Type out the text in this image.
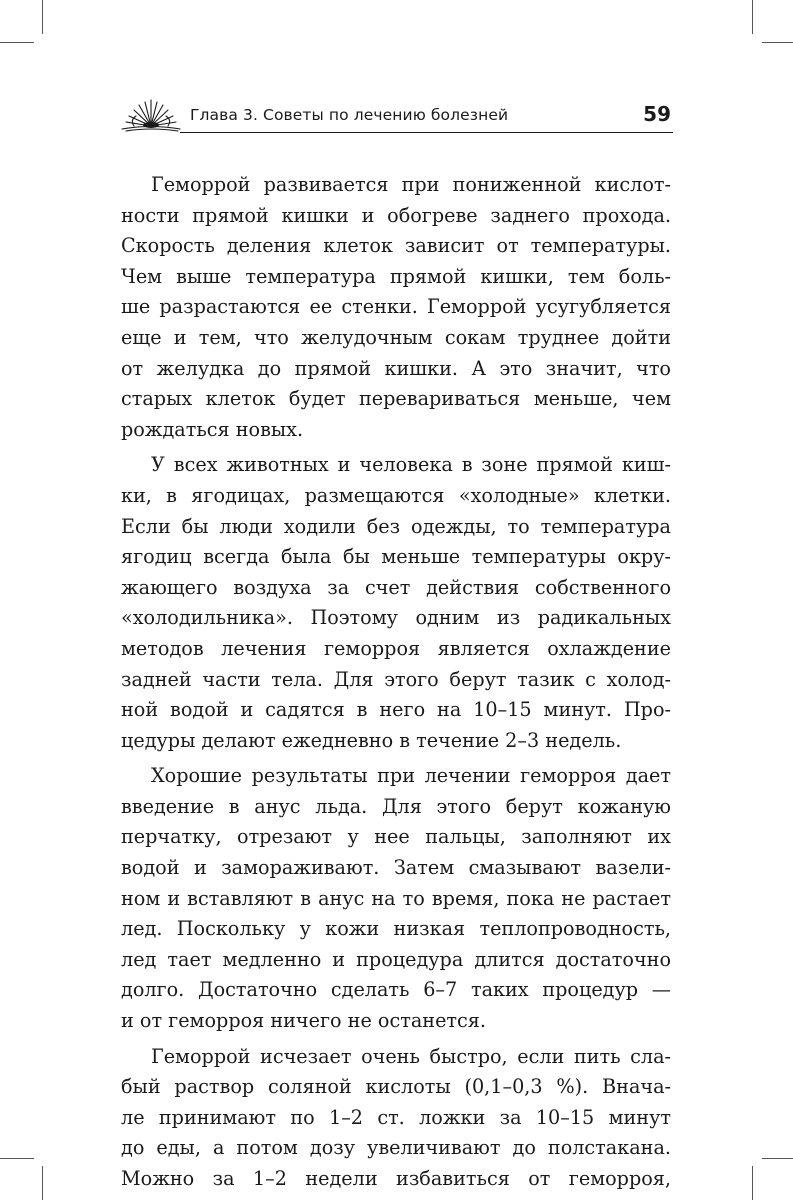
Глава 3. Советы по лечению болезней	59

Геморрой развивается при пониженной кислот-
ности прямой кишки и обогреве заднего прохода.
Скорость деления клеток зависит от температуры.
Чем выше температура прямой кишки, тем боль-
ше разрастаются ее стенки. Геморрой усугубляется
еще и тем, что желудочным сокам труднее дойти
от желудка до прямой кишки. А это значит, что
старых клеток будет перевариваться меньше, чем
рождаться новых.

У всех животных и человека в зоне прямой киш-
ки, в ягодицах, размещаются «холодные» клетки.
Если бы люди ходили без одежды, то температура
ягодиц всегда была бы меньше температуры окру-
жающего воздуха за счет действия собственного
«холодильника». Поэтому одним из радикальных
методов лечения геморроя является охлаждение
задней части тела. Для этого берут тазик с холод-
ной водой и садятся в него на 10–15 минут. Про-
цедуры делают ежедневно в течение 2–3 недель.

Хорошие результаты при лечении геморроя дает
введение в анус льда. Для этого берут кожаную
перчатку, отрезают у нее пальцы, заполняют их
водой и замораживают. Затем смазывают вазели-
ном и вставляют в анус на то время, пока не растает
лед. Поскольку у кожи низкая теплопроводность,
лед тает медленно и процедура длится достаточно
долго. Достаточно сделать 6–7 таких процедур —
и от геморроя ничего не останется.

Геморрой исчезает очень быстро, если пить сла-
бый раствор соляной кислоты (0,1–0,3 %). Внача-
ле принимают по 1–2 ст. ложки за 10–15 минут
до еды, а потом дозу увеличивают до полстакана.
Можно за 1–2 недели избавиться от геморроя,
